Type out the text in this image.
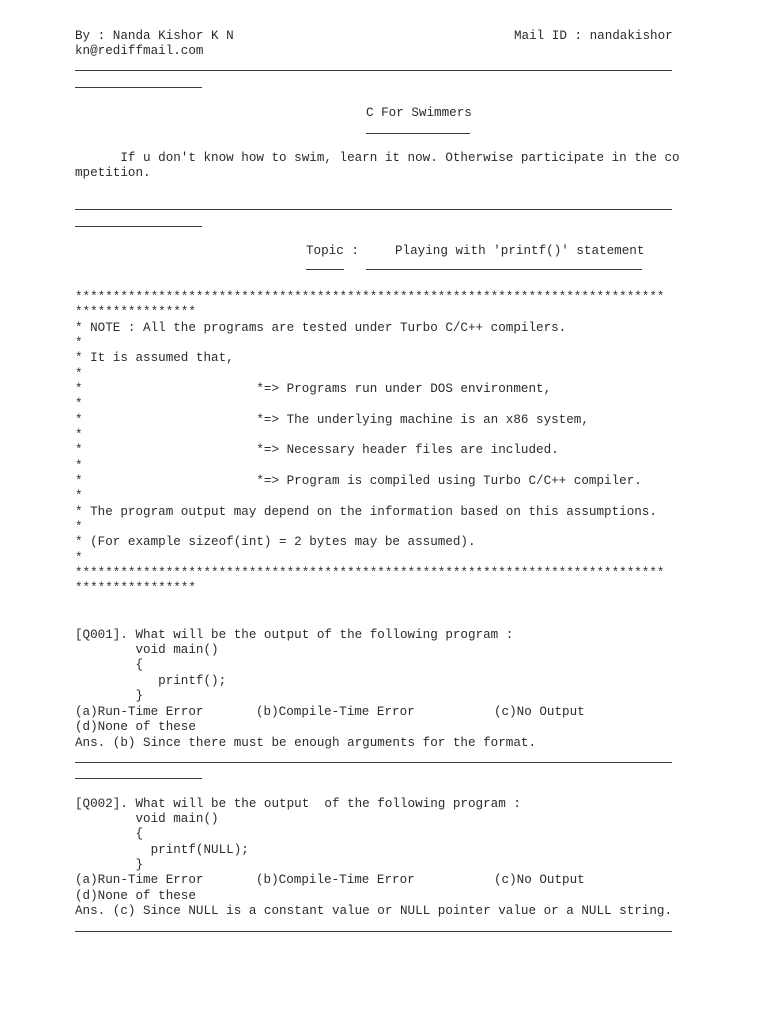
By : Nanda Kishor K N	Mail ID : nandakishor
kn@rediffmail.com
C For Swimmers
If u don't know how to swim, learn it now. Otherwise participate in the co
mpetition.
Topic :	Playing with 'printf()' statement
******************************************************************************
****************
* NOTE : All the programs are tested under Turbo C/C++ compilers.
*
* It is assumed that,
*
*                       *=> Programs run under DOS environment,
*
*                       *=> The underlying machine is an x86 system,
*
*                       *=> Necessary header files are included.
*
*                       *=> Program is compiled using Turbo C/C++ compiler.
*
* The program output may depend on the information based on this assumptions.
*
* (For example sizeof(int) = 2 bytes may be assumed).
*
******************************************************************************
****************
[Q001]. What will be the output of the following program :
void main()
{
printf();
}
(a)Run-Time Error	(b)Compile-Time Error	(c)No Output
(d)None of these
Ans. (b) Since there must be enough arguments for the format.
[Q002]. What will be the output  of the following program :
void main()
{
printf(NULL);
}
(a)Run-Time Error	(b)Compile-Time Error	(c)No Output
(d)None of these
Ans. (c) Since NULL is a constant value or NULL pointer value or a NULL string.
